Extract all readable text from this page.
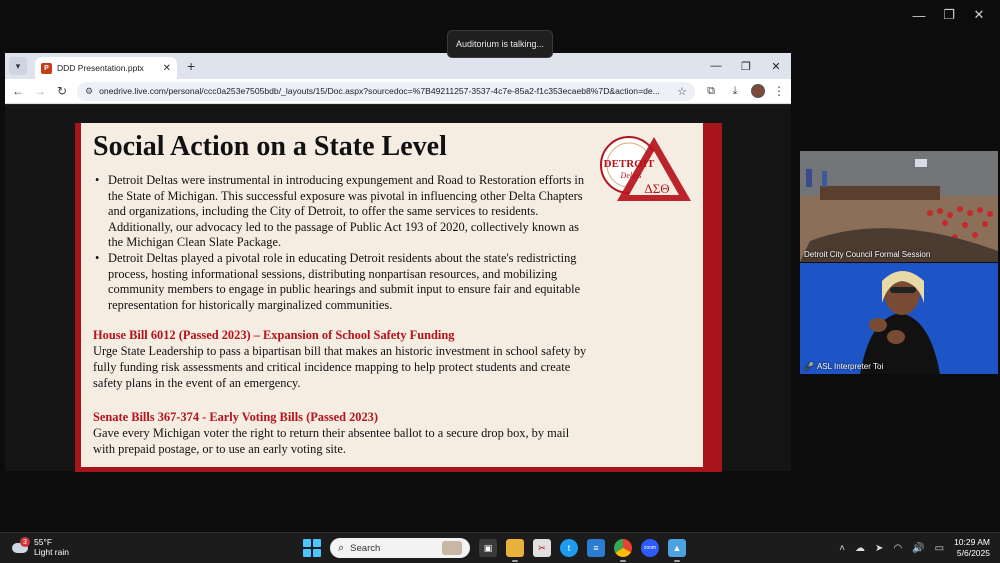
—	❐	✕
Auditorium is talking...
▾	P DDD Presentation.pptx	✕ +	—	❐	✕
← → ↻ ⚙ onedrive.live.com/personal/ccc0a253e7505bdb/_layouts/15/Doc.aspx?sourcedoc=%7B49211257-3537-4c7e-85a2-f1c353ecaeb8%7D&action=de...	☆	⧉	⤓	⋮
Social Action on a State Level
• Detroit Deltas were instrumental in introducing expungement and Road to Restoration efforts in the State of Michigan. This successful exposure was pivotal in influencing other Delta Chapters and organizations, including the City of Detroit, to offer the same services to residents. Additionally, our advocacy led to the passage of Public Act 193 of 2020, collectively known as the Michigan Clean Slate Package.
• Detroit Deltas played a pivotal role in educating Detroit residents about the state's redistricting process, hosting informational sessions, distributing nonpartisan resources, and mobilizing community members to engage in public hearings and submit input to ensure fair and equitable representation for historically marginalized communities.
House Bill 6012 (Passed 2023) – Expansion of School Safety Funding
Urge State Leadership to pass a bipartisan bill that makes an historic investment in school safety by fully funding risk assessments and critical incidence mapping to help protect students and create safety plans in the event of an emergency.
Senate Bills 367-374 - Early Voting Bills (Passed 2023)
Gave every Michigan voter the right to return their absentee ballot to a secure drop box, by mail with prepaid postage, or to use an early voting site.
DETROIT
Deltas
ΔΣΘ
Detroit City Council Formal Session
🎤 ASL Interpreter Toi
3 55°F
Light rain	⌕ Search	▣	✂	t	≡	zoom	▲	˄ ☁ ➤ ◠ 🔊 ▭
10:29 AM
5/6/2025
